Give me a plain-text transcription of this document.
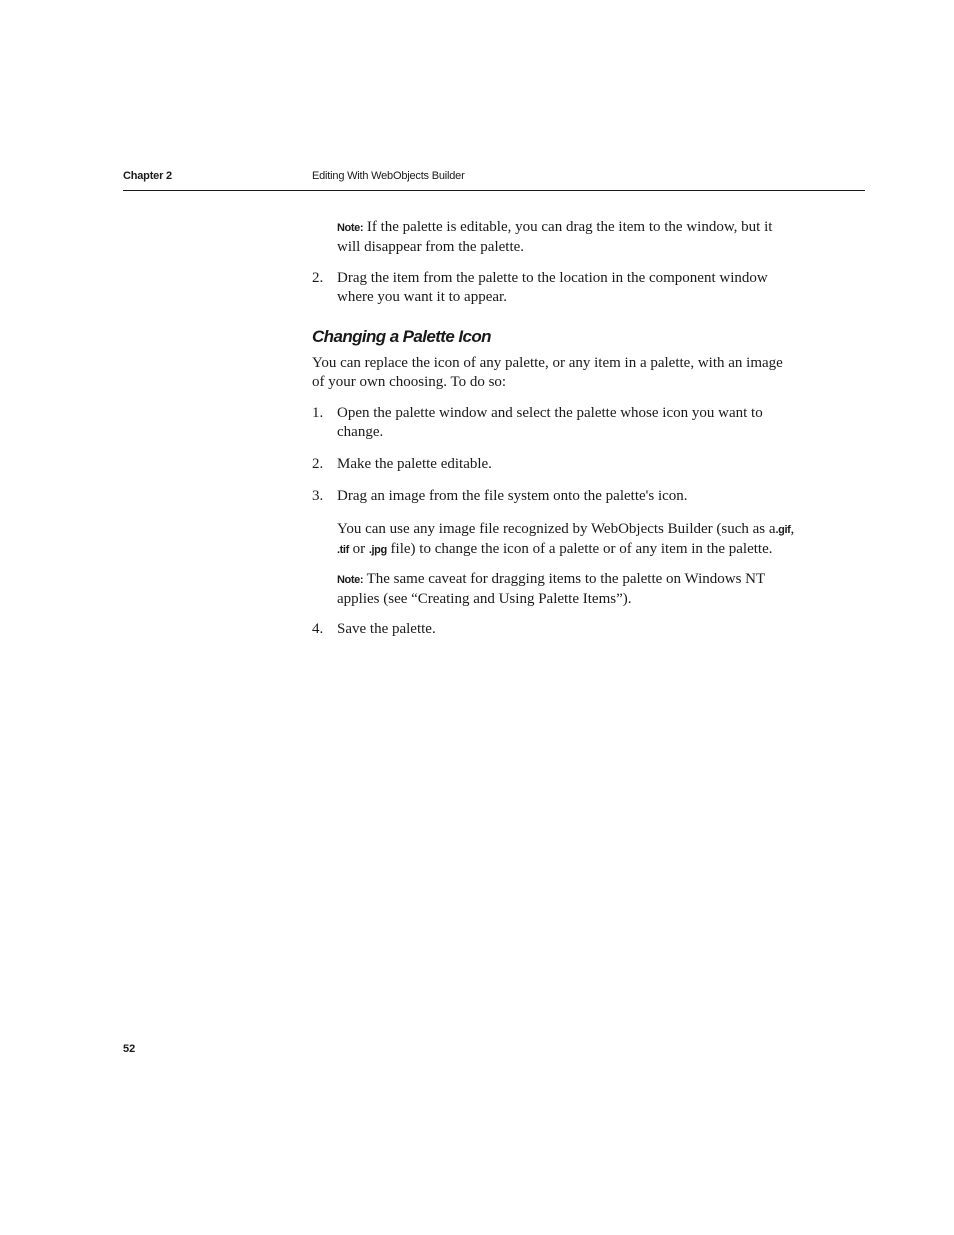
Chapter 2	Editing With WebObjects Builder

Note: If the palette is editable, you can drag the item to the window, but it will disappear from the palette.

2. Drag the item from the palette to the location in the component window where you want it to appear.

Changing a Palette Icon

You can replace the icon of any palette, or any item in a palette, with an image of your own choosing. To do so:

1. Open the palette window and select the palette whose icon you want to change.

2. Make the palette editable.

3. Drag an image from the file system onto the palette's icon.

You can use any image file recognized by WebObjects Builder (such as a.gif,
.tif or .jpg file) to change the icon of a palette or of any item in the palette.

Note: The same caveat for dragging items to the palette on Windows NT applies (see “Creating and Using Palette Items”).

4. Save the palette.

52
